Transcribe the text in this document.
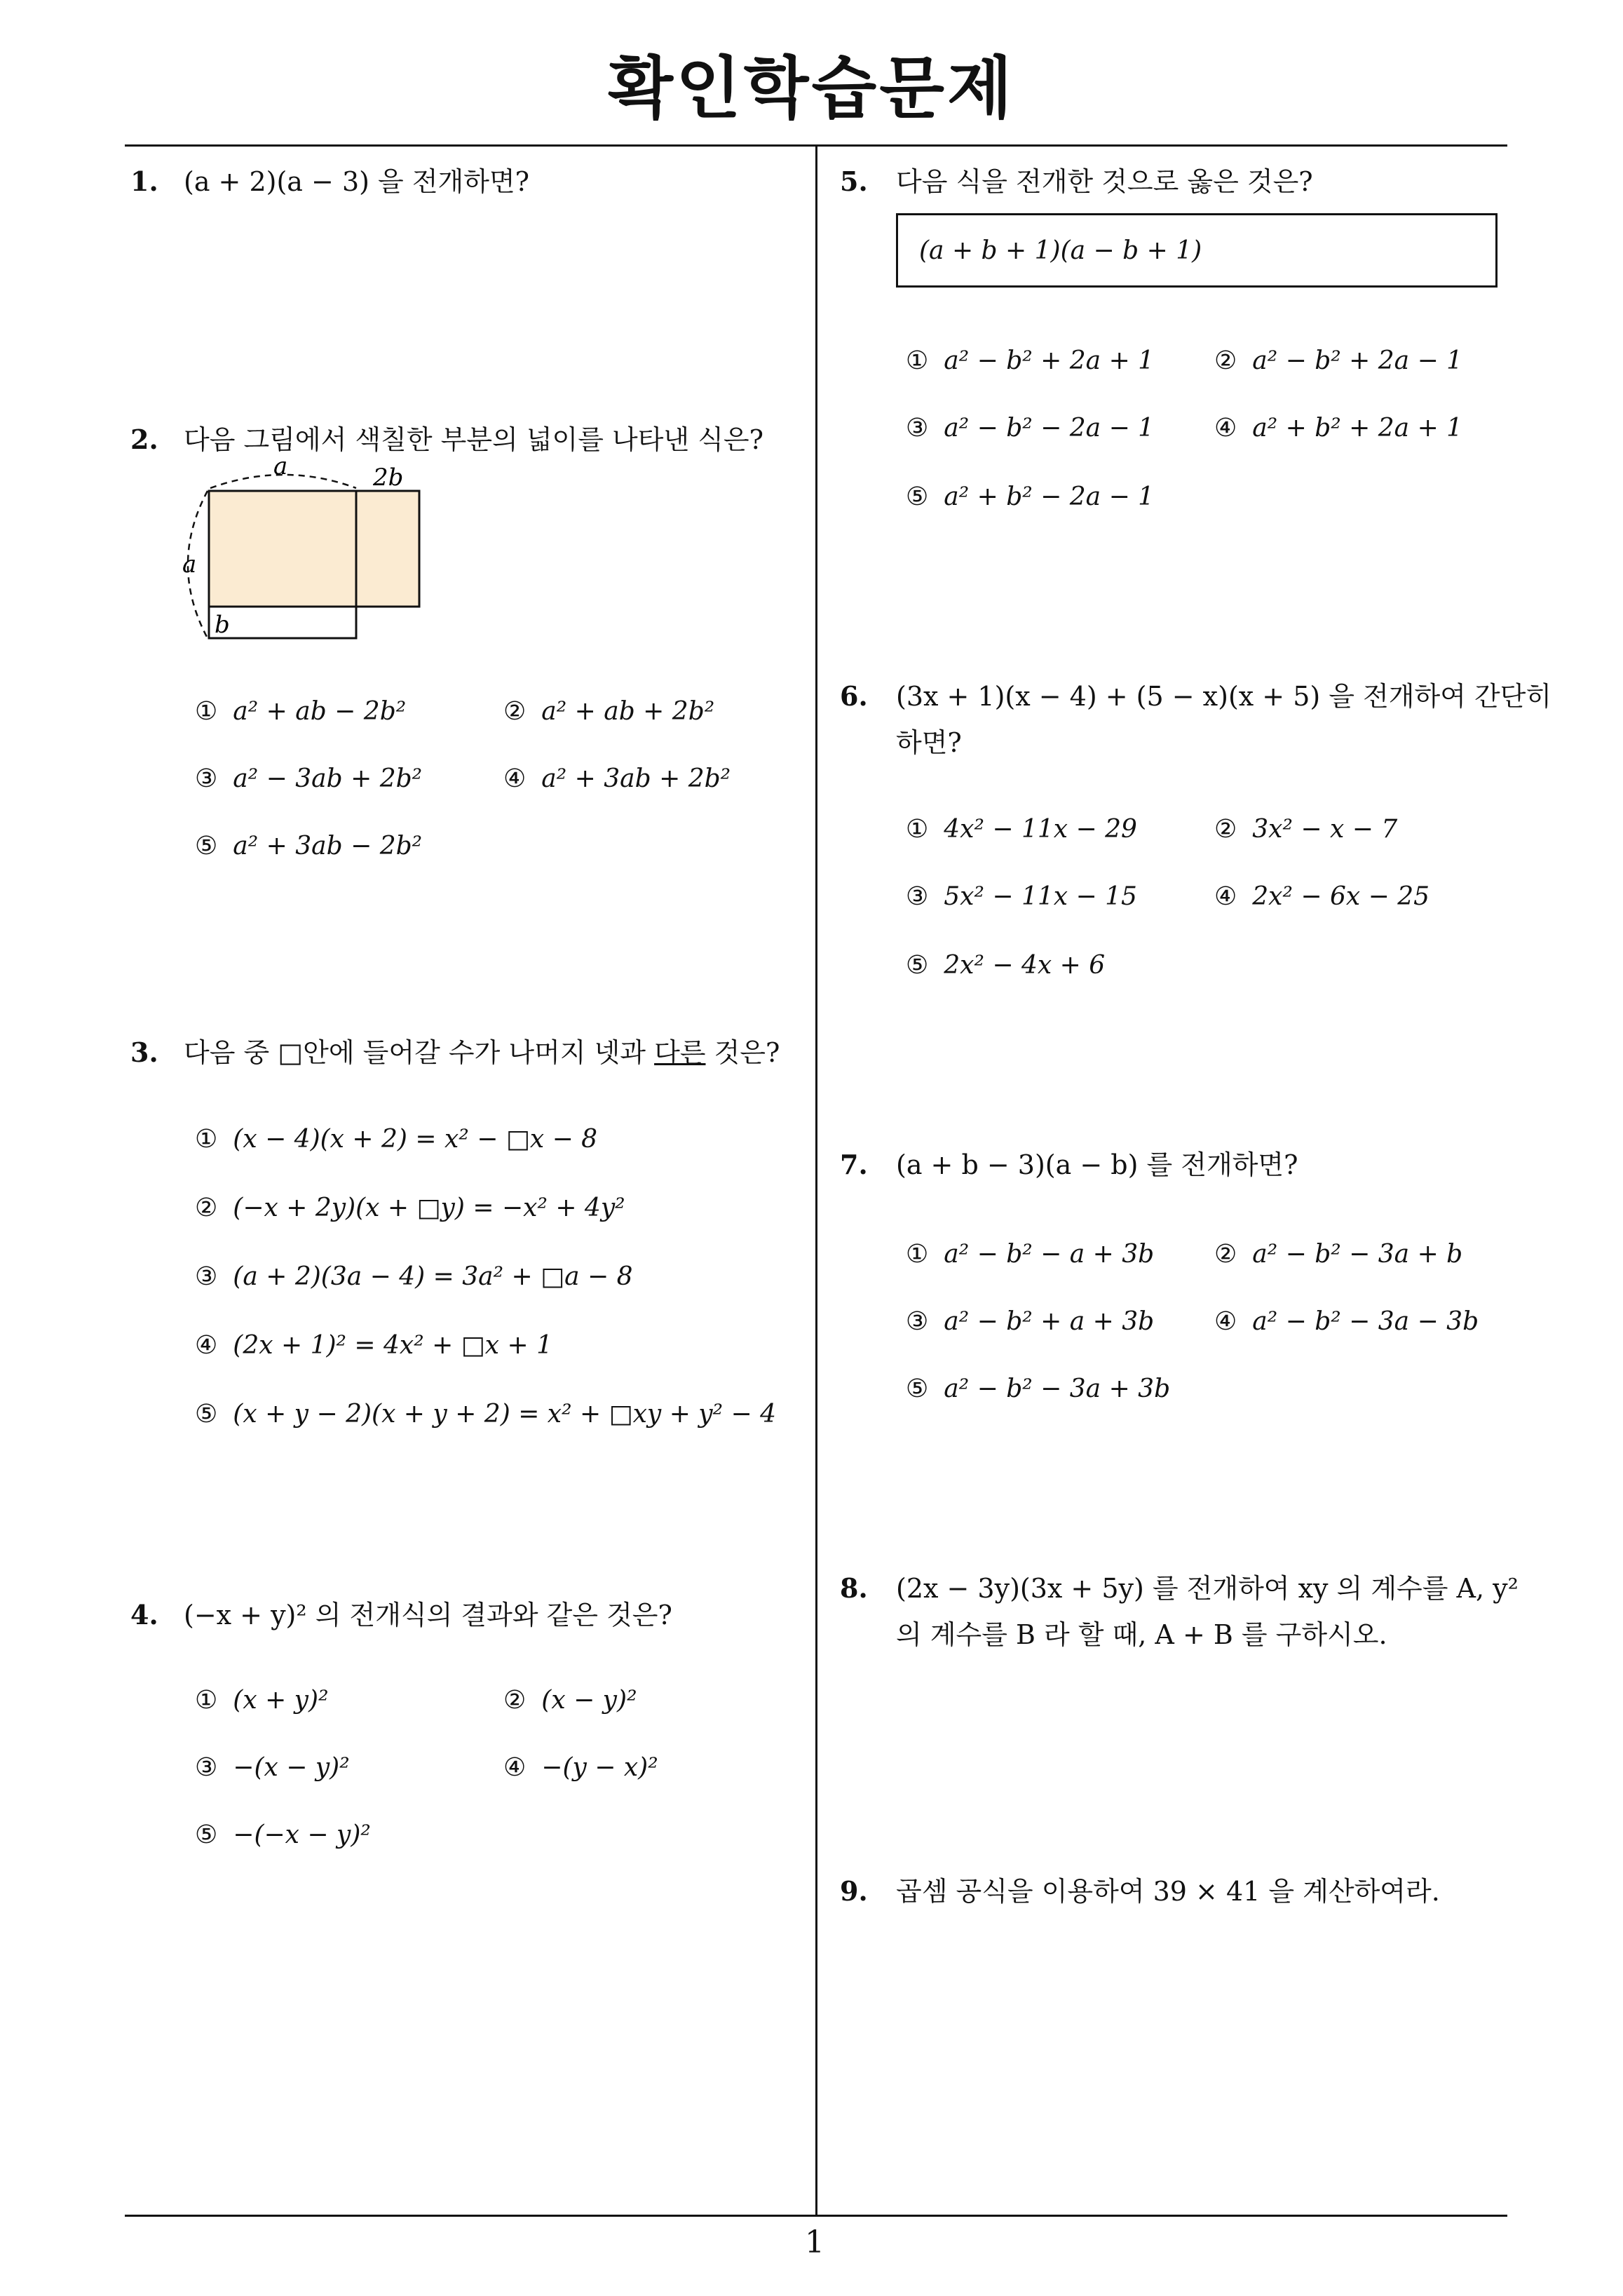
확인학습문제
1
1. (a + 2)(a − 3) 을 전개하면?
2. 다음 그림에서 색칠한 부분의 넓이를 나타낸 식은?
a	2b
a
b
① a² + ab − 2b²	② a² + ab + 2b²
③ a² − 3ab + 2b²	④ a² + 3ab + 2b²
⑤ a² + 3ab − 2b²
3. 다음 중 □안에 들어갈 수가 나머지 넷과 다른 것은?
① (x − 4)(x + 2) = x² − □x − 8
② (−x + 2y)(x + □y) = −x² + 4y²
③ (a + 2)(3a − 4) = 3a² + □a − 8
④ (2x + 1)² = 4x² + □x + 1
⑤ (x + y − 2)(x + y + 2) = x² + □xy + y² − 4
4. (−x + y)² 의 전개식의 결과와 같은 것은?
① (x + y)²	② (x − y)²
③ −(x − y)²	④ −(y − x)²
⑤ −(−x − y)²
5. 다음 식을 전개한 것으로 옳은 것은?
(a + b + 1)(a − b + 1)
① a² − b² + 2a + 1 ② a² − b² + 2a − 1
③ a² − b² − 2a − 1 ④ a² + b² + 2a + 1
⑤ a² + b² − 2a − 1
6. (3x + 1)(x − 4) + (5 − x)(x + 5) 을 전개하여 간단히
하면?
① 4x² − 11x − 29	② 3x² − x − 7
③ 5x² − 11x − 15	④ 2x² − 6x − 25
⑤ 2x² − 4x + 6
7. (a + b − 3)(a − b) 를 전개하면?
① a² − b² − a + 3b ② a² − b² − 3a + b
③ a² − b² + a + 3b ④ a² − b² − 3a − 3b
⑤ a² − b² − 3a + 3b
8. (2x − 3y)(3x + 5y) 를 전개하여 xy 의 계수를 A, y²
의 계수를 B 라 할 때, A + B 를 구하시오.
9. 곱셈 공식을 이용하여 39 × 41 을 계산하여라.
